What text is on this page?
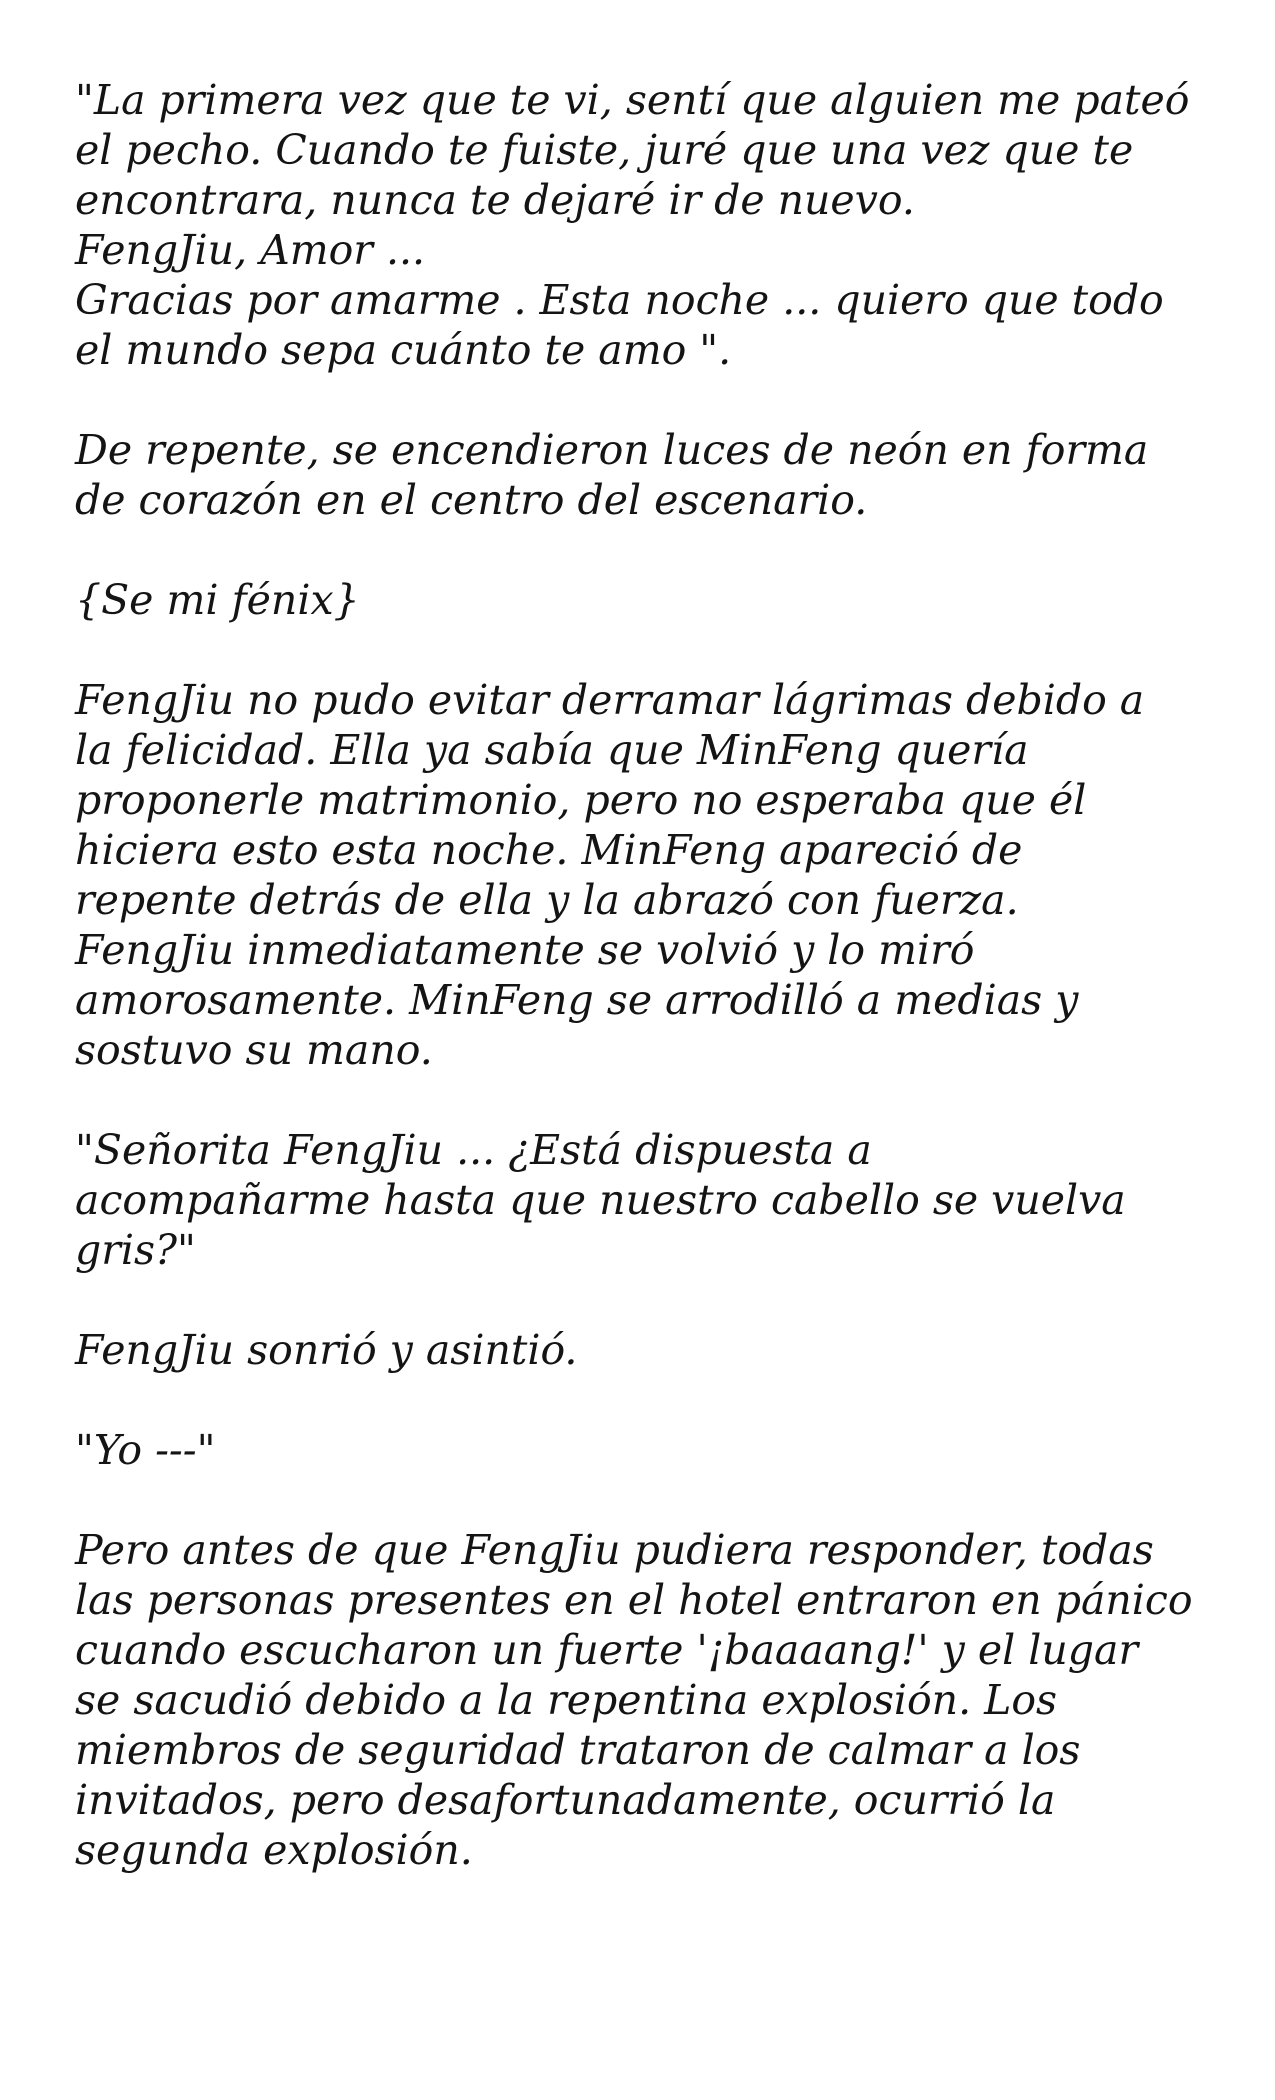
"La primera vez que te vi, sentí que alguien me pateó
el pecho. Cuando te fuiste, juré que una vez que te
encontrara, nunca te dejaré ir de nuevo.
FengJiu, Amor ...
Gracias por amarme . Esta noche ... quiero que todo
el mundo sepa cuánto te amo ".

De repente, se encendieron luces de neón en forma
de corazón en el centro del escenario.

{Se mi fénix}

FengJiu no pudo evitar derramar lágrimas debido a
la felicidad. Ella ya sabía que MinFeng quería
proponerle matrimonio, pero no esperaba que él
hiciera esto esta noche. MinFeng apareció de
repente detrás de ella y la abrazó con fuerza.
FengJiu inmediatamente se volvió y lo miró
amorosamente. MinFeng se arrodilló a medias y
sostuvo su mano.

"Señorita FengJiu ... ¿Está dispuesta a
acompañarme hasta que nuestro cabello se vuelva
gris?"

FengJiu sonrió y asintió.

"Yo ---"

Pero antes de que FengJiu pudiera responder, todas
las personas presentes en el hotel entraron en pánico
cuando escucharon un fuerte '¡baaaang!' y el lugar
se sacudió debido a la repentina explosión. Los
miembros de seguridad trataron de calmar a los
invitados, pero desafortunadamente, ocurrió la
segunda explosión.
